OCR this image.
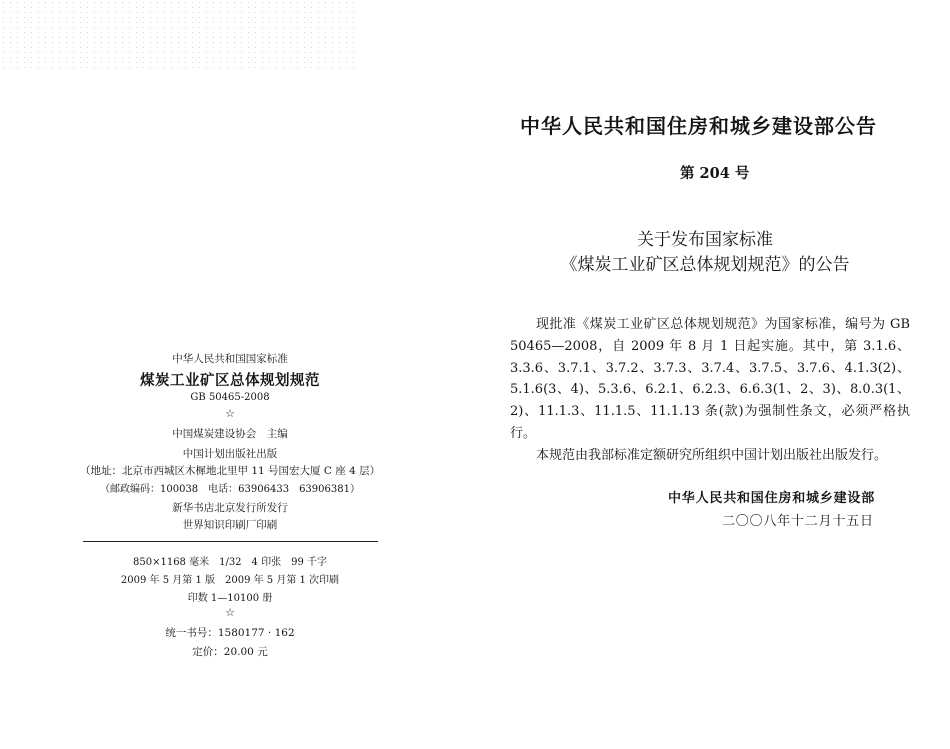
中华人民共和国国家标准
煤炭工业矿区总体规划规范
GB 50465-2008
☆
中国煤炭建设协会　主编
中国计划出版社出版
（地址：北京市西城区木樨地北里甲 11 号国宏大厦 C 座 4 层）
（邮政编码：100038　电话：63906433　63906381）
新华书店北京发行所发行
世界知识印刷厂印刷
850×1168 毫米　1/32　4 印张　99 千字
2009 年 5 月第 1 版　2009 年 5 月第 1 次印刷
印数 1—10100 册
☆
统一书号：1580177 · 162
定价：20.00 元
中华人民共和国住房和城乡建设部公告
第 204 号
关于发布国家标准
《煤炭工业矿区总体规划规范》的公告

现批准《煤炭工业矿区总体规划规范》为国家标准，编号为 GB 50465—2008，自 2009 年 8 月 1 日起实施。其中，第 3.1.6、3.3.6、3.7.1、3.7.2、3.7.3、3.7.4、3.7.5、3.7.6、4.1.3(2)、5.1.6(3、4)、5.3.6、6.2.1、6.2.3、6.6.3(1、2、3)、8.0.3(1、2)、11.1.3、11.1.5、11.1.13 条(款)为强制性条文，必须严格执行。

本规范由我部标准定额研究所组织中国计划出版社出版发行。

中华人民共和国住房和城乡建设部
二〇〇八年十二月十五日
